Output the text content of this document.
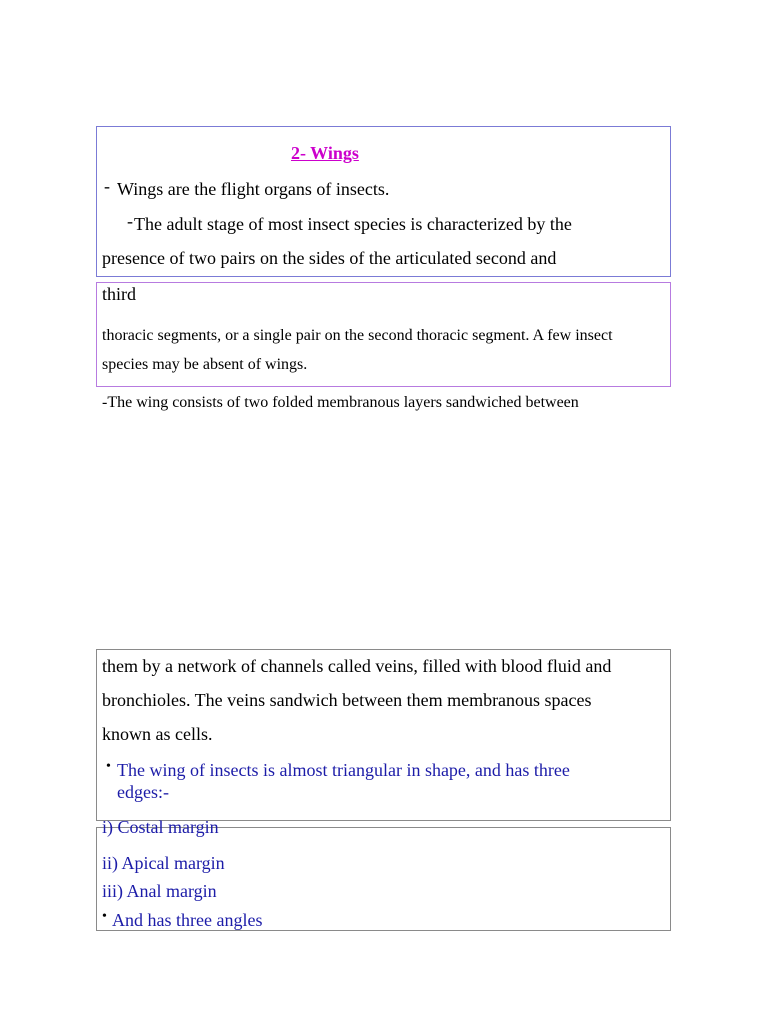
2- Wings

- Wings are the flight organs of insects.

- The adult stage of most insect species is characterized by the

presence of two pairs on the sides of the articulated second and

third

thoracic segments, or a single pair on the second thoracic segment. A few insect

species may be absent of wings.

-The wing consists of two folded membranous layers sandwiched between

them by a network of channels called veins, filled with blood fluid and

bronchioles. The veins sandwich between them membranous spaces

known as cells.

• The wing of insects is almost triangular in shape, and has three

edges:-

i) Costal margin

ii) Apical margin

iii) Anal margin

• And has three angles
